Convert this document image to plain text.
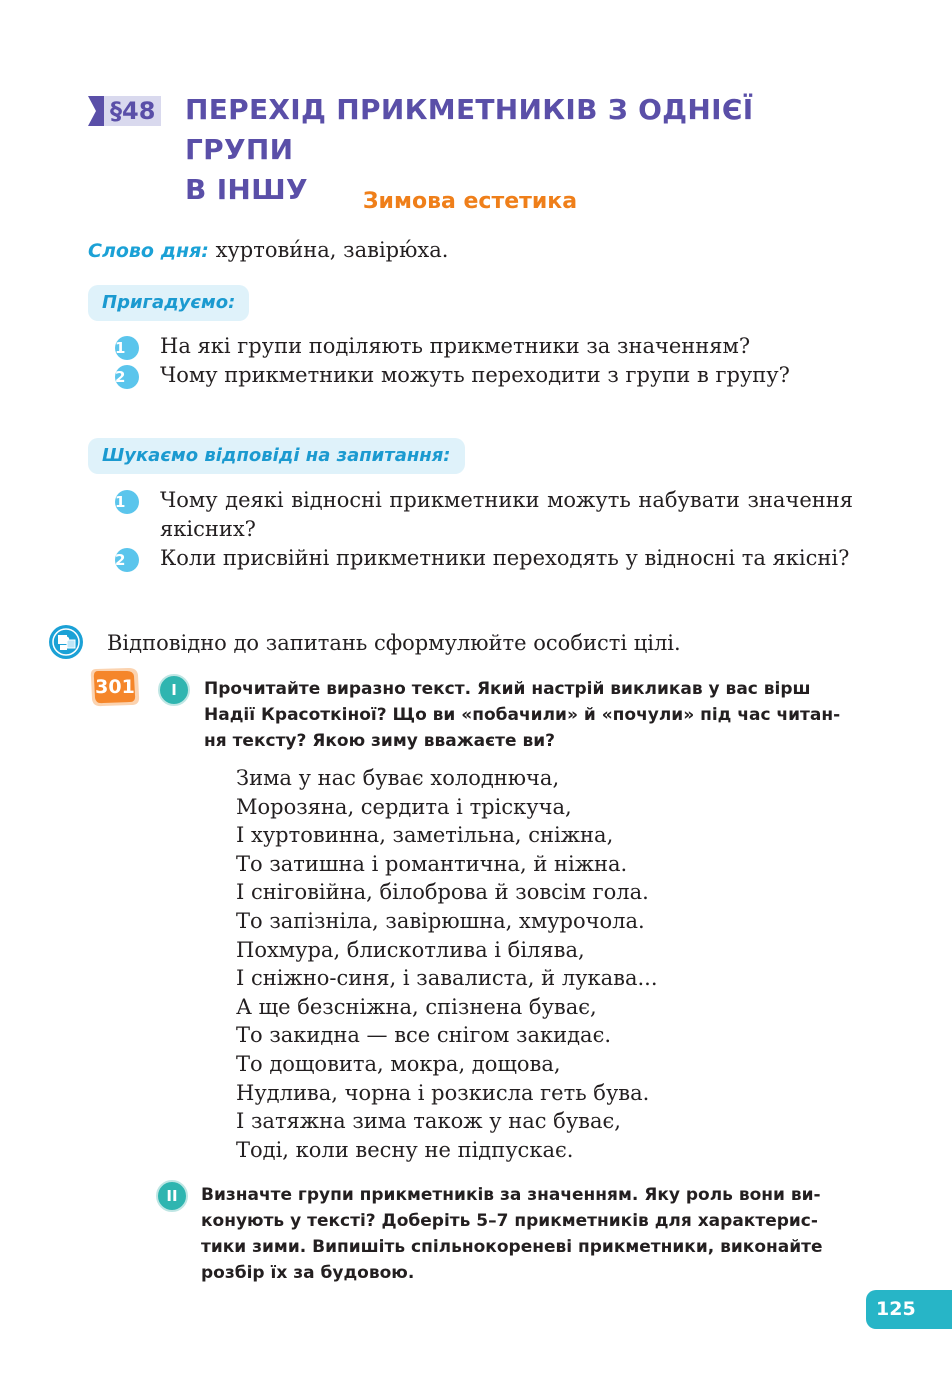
§48 ПЕРЕХІД ПРИКМЕТНИКІВ З ОДНІЄЇ ГРУПИ
В ІНШУ	Зимова естетика
Слово дня: хуртови́на, завірю́ха.
Пригадуємо:
1	На які групи поділяють прикметники за значенням?
2	Чому прикметники можуть переходити з групи в групу?
Шукаємо відповіді на запитання:
1	Чому деякі відносні прикметники можуть набувати значення якісних?
2	Коли присвійні прикметники переходять у відносні та якісні?
Відповідно до запитань сформулюйте особисті цілі.
301	I	Прочитайте виразно текст. Який настрій викликав у вас вірш
Надії Красоткіної? Що ви «побачили» й «почули» під час читан-
ня тексту? Якою зиму вважаєте ви?
Зима у нас буває холоднюча,
Морозяна, сердита і тріскуча,
І хуртовинна, заметільна, сніжна,
То затишна і романтична, й ніжна.
І сніговійна, білоброва й зовсім гола.
То запізніла, завірюшна, хмурочола.
Похмура, блискотлива і білява,
І сніжно-синя, і завалиста, й лукава...
А ще безсніжна, спізнена буває,
То закидна — все снігом закидає.
То дощовита, мокра, дощова,
Нудлива, чорна і розкисла геть бува.
І затяжна зима також у нас буває,
Тоді, коли весну не підпускає.
II	Визначте групи прикметників за значенням. Яку роль вони ви-
конують у тексті? Доберіть 5–7 прикметників для характерис-
тики зими. Випишіть спільнокореневі прикметники, виконайте
розбір їх за будовою.
125
